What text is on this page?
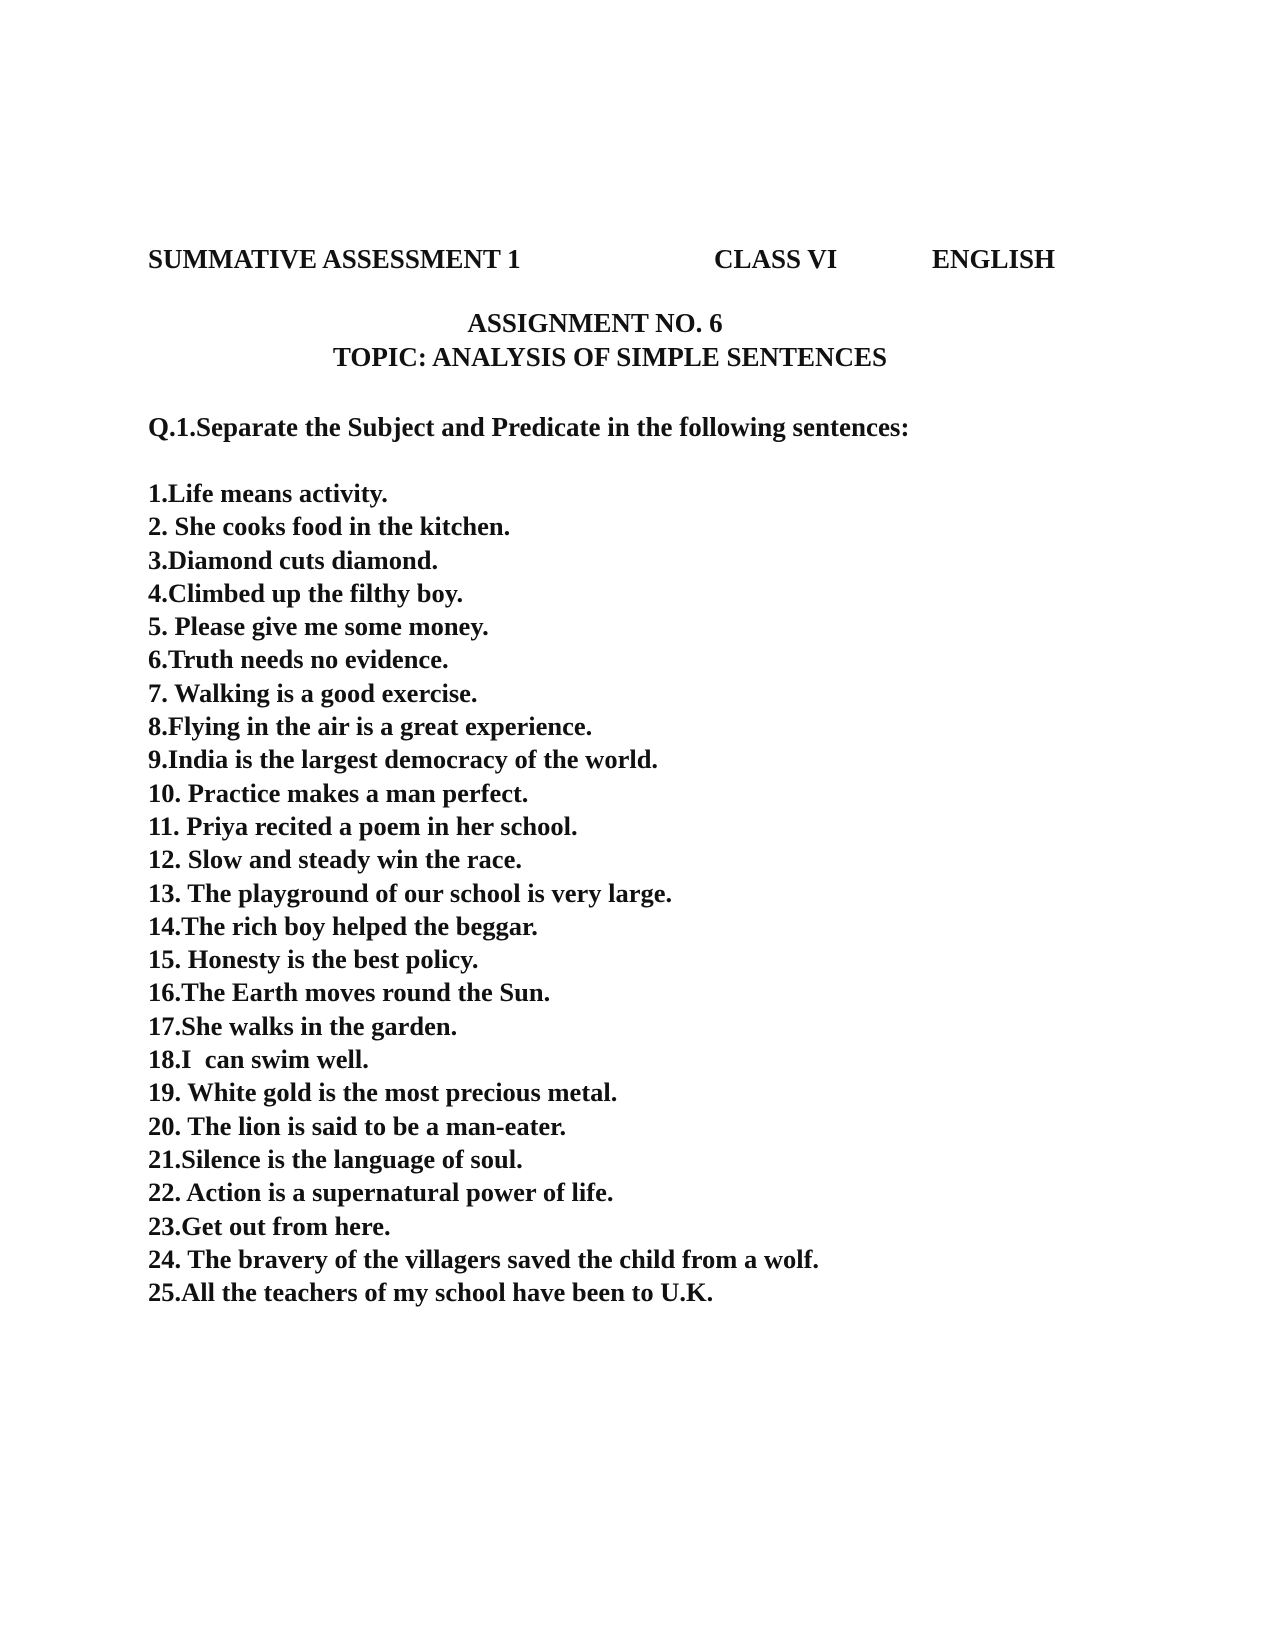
SUMMATIVE ASSESSMENT 1	CLASS VI	ENGLISH
ASSIGNMENT NO. 6
TOPIC: ANALYSIS OF SIMPLE SENTENCES
Q.1.Separate the Subject and Predicate in the following sentences:
1.Life means activity.
2. She cooks food in the kitchen.
3.Diamond cuts diamond.
4.Climbed up the filthy boy.
5. Please give me some money.
6.Truth needs no evidence.
7. Walking is a good exercise.
8.Flying in the air is a great experience.
9.India is the largest democracy of the world.
10. Practice makes a man perfect.
11. Priya recited a poem in her school.
12. Slow and steady win the race.
13. The playground of our school is very large.
14.The rich boy helped the beggar.
15. Honesty is the best policy.
16.The Earth moves round the Sun.
17.She walks in the garden.
18.I  can swim well.
19. White gold is the most precious metal.
20. The lion is said to be a man-eater.
21.Silence is the language of soul.
22. Action is a supernatural power of life.
23.Get out from here.
24. The bravery of the villagers saved the child from a wolf.
25.All the teachers of my school have been to U.K.
